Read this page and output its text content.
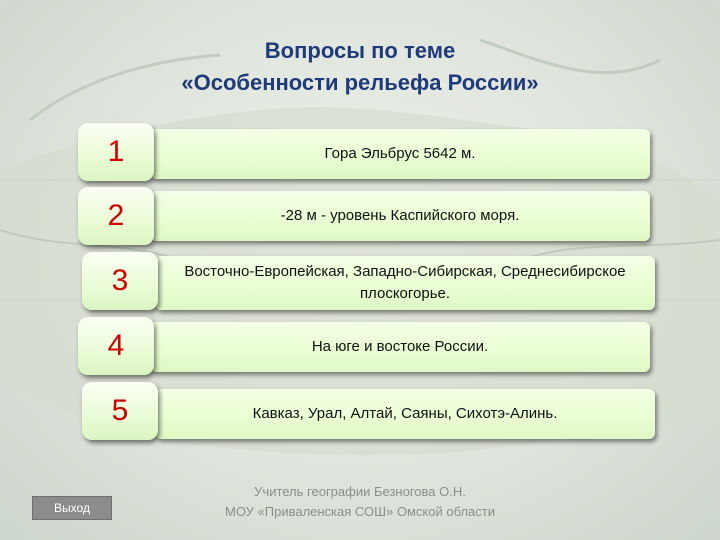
Вопросы по теме
«Особенности рельефа России»
Гора Эльбрус 5642 м.
1
-28 м - уровень Каспийского моря.
2
Восточно-Европейская, Западно-Сибирская, Среднесибирское плоскогорье.
3
На юге и востоке России.
4
Кавказ, Урал, Алтай, Саяны, Сихотэ-Алинь.
5
Учитель географии Безногова О.Н.
МОУ «Приваленская СОШ» Омской области
Выход
